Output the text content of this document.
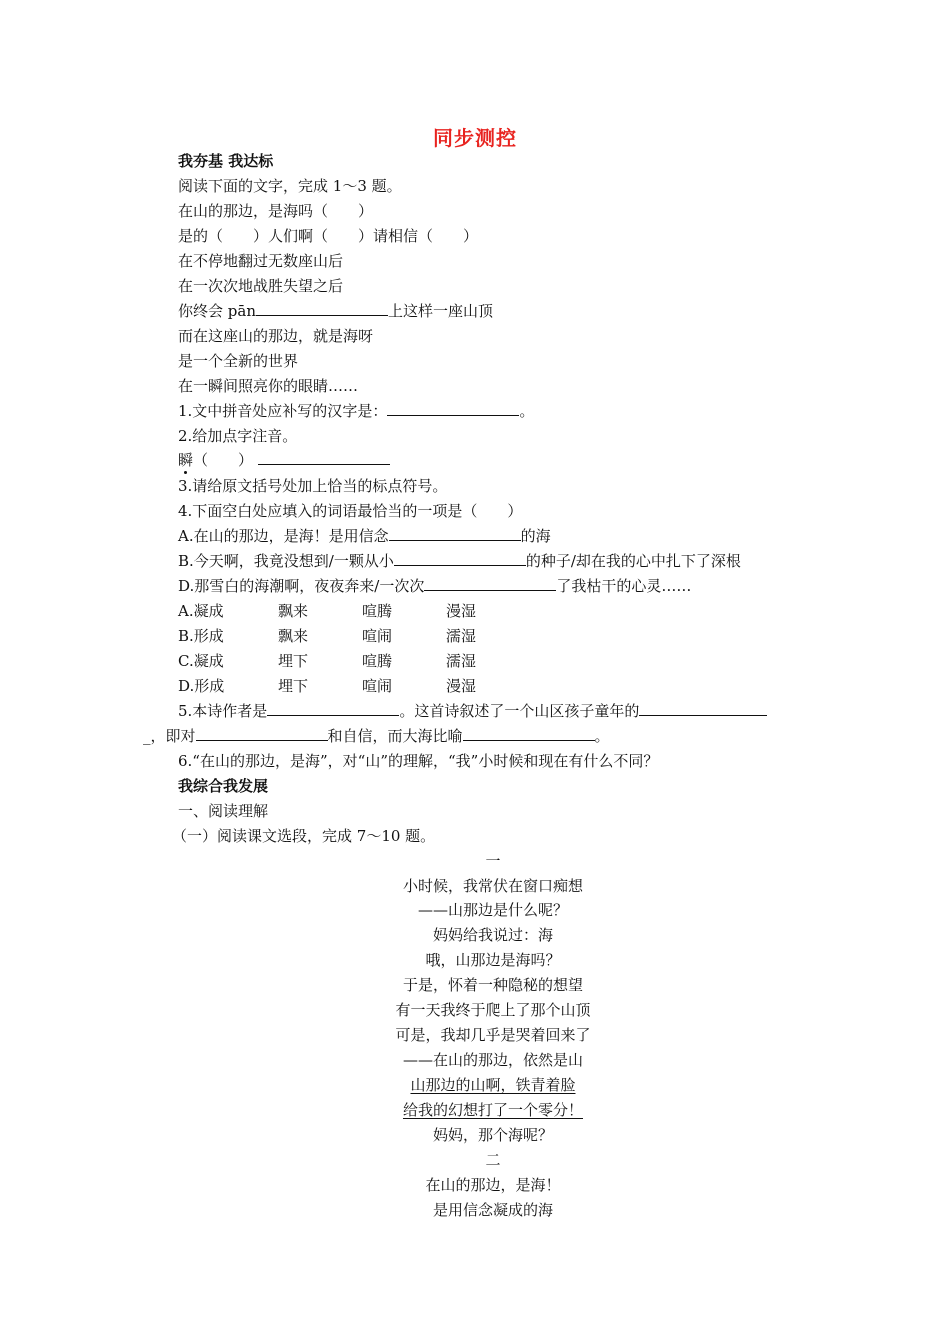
同步测控
我夯基 我达标
阅读下面的文字，完成 1～3 题。
在山的那边，是海吗（　　）
是的（　　）人们啊（　　）请相信（　　）
在不停地翻过无数座山后
在一次次地战胜失望之后
你终会 pān	上这样一座山顶
而在这座山的那边，就是海呀
是一个全新的世界
在一瞬间照亮你的眼睛……
1.文中拼音处应补写的汉字是：	。
2.给加点字注音。
瞬（　　）
3.请给原文括号处加上恰当的标点符号。
4.下面空白处应填入的词语最恰当的一项是（　　）
A.在山的那边，是海！是用信念	的海
B.今天啊，我竟没想到/一颗从小	的种子/却在我的心中扎下了深根
D.那雪白的海潮啊，夜夜奔来/一次次	了我枯干的心灵……
A.凝成	飘来	喧腾	漫湿
B.形成	飘来	喧闹	濡湿
C.凝成	埋下	喧腾	濡湿
D.形成	埋下	喧闹	漫湿
5.本诗作者是	。这首诗叙述了一个山区孩子童年的
_，即对	和自信，而大海比喻	。
6.“在山的那边，是海”，对“山”的理解，“我”小时候和现在有什么不同？
我综合我发展
一、阅读理解
（一）阅读课文选段，完成 7～10 题。
一
小时候，我常伏在窗口痴想
——山那边是什么呢？
妈妈给我说过：海
哦，山那边是海吗？
于是，怀着一种隐秘的想望
有一天我终于爬上了那个山顶
可是，我却几乎是哭着回来了
——在山的那边，依然是山
山那边的山啊，铁青着脸
给我的幻想打了一个零分！
妈妈，那个海呢？
二
在山的那边，是海！
是用信念凝成的海
